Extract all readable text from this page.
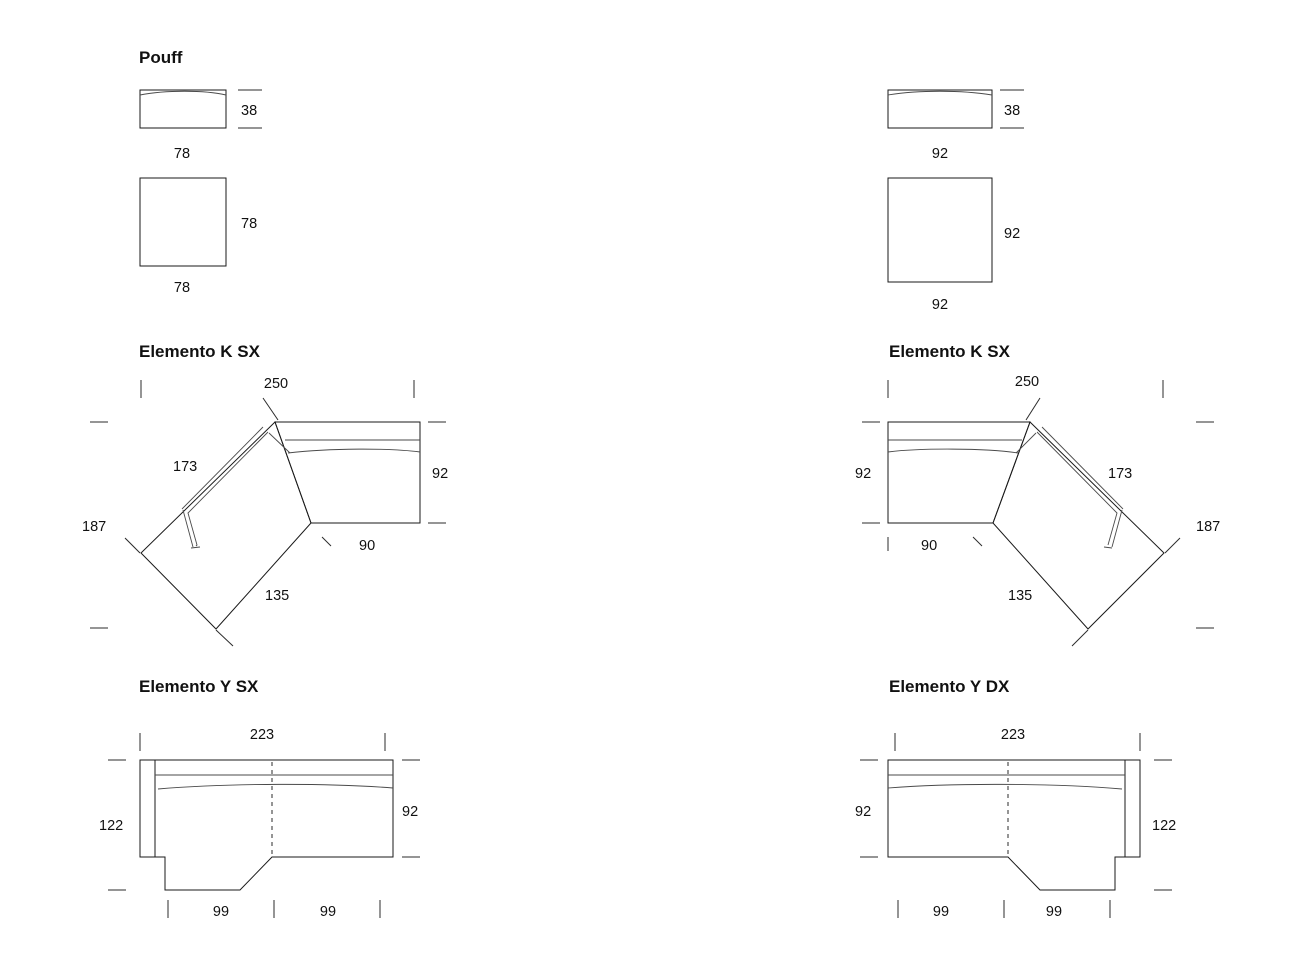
Pouff
38
78
78
78
38
92
92
92
Elemento K SX
250
173	92
90
187
135
Elemento K SX
250
173
92
90
187
135
Elemento Y SX
223
92
122
99	99
Elemento Y DX
223
92
122
99	99
